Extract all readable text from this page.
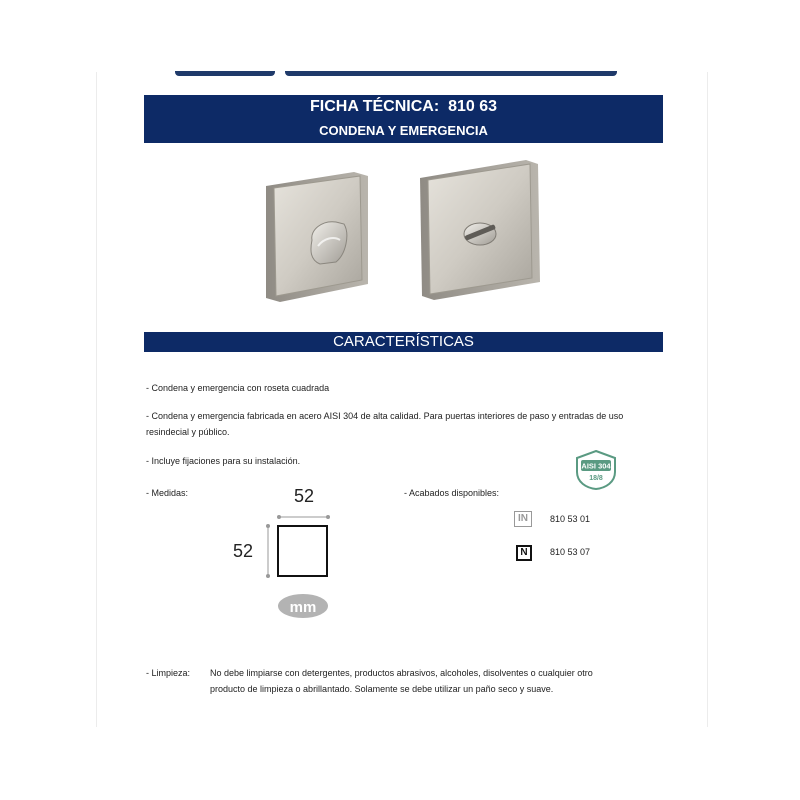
FICHA TÉCNICA:  810 63
CONDENA Y EMERGENCIA
CARACTERÍSTICAS
- Condena y emergencia con roseta cuadrada
- Condena y emergencia fabricada en acero AISI 304 de alta calidad. Para puertas interiores de paso y entradas de uso resindecial y público.
- Incluye fijaciones para su instalación.	AISI 304
18/8
- Medidas:	52
52
mm
- Acabados disponibles:
IN	810 53 01
N	810 53 07
- Limpieza: No debe limpiarse con detergentes, productos abrasivos, alcoholes, disolventes o cualquier otro producto de limpieza o abrillantado. Solamente se debe utilizar un paño seco y suave.
